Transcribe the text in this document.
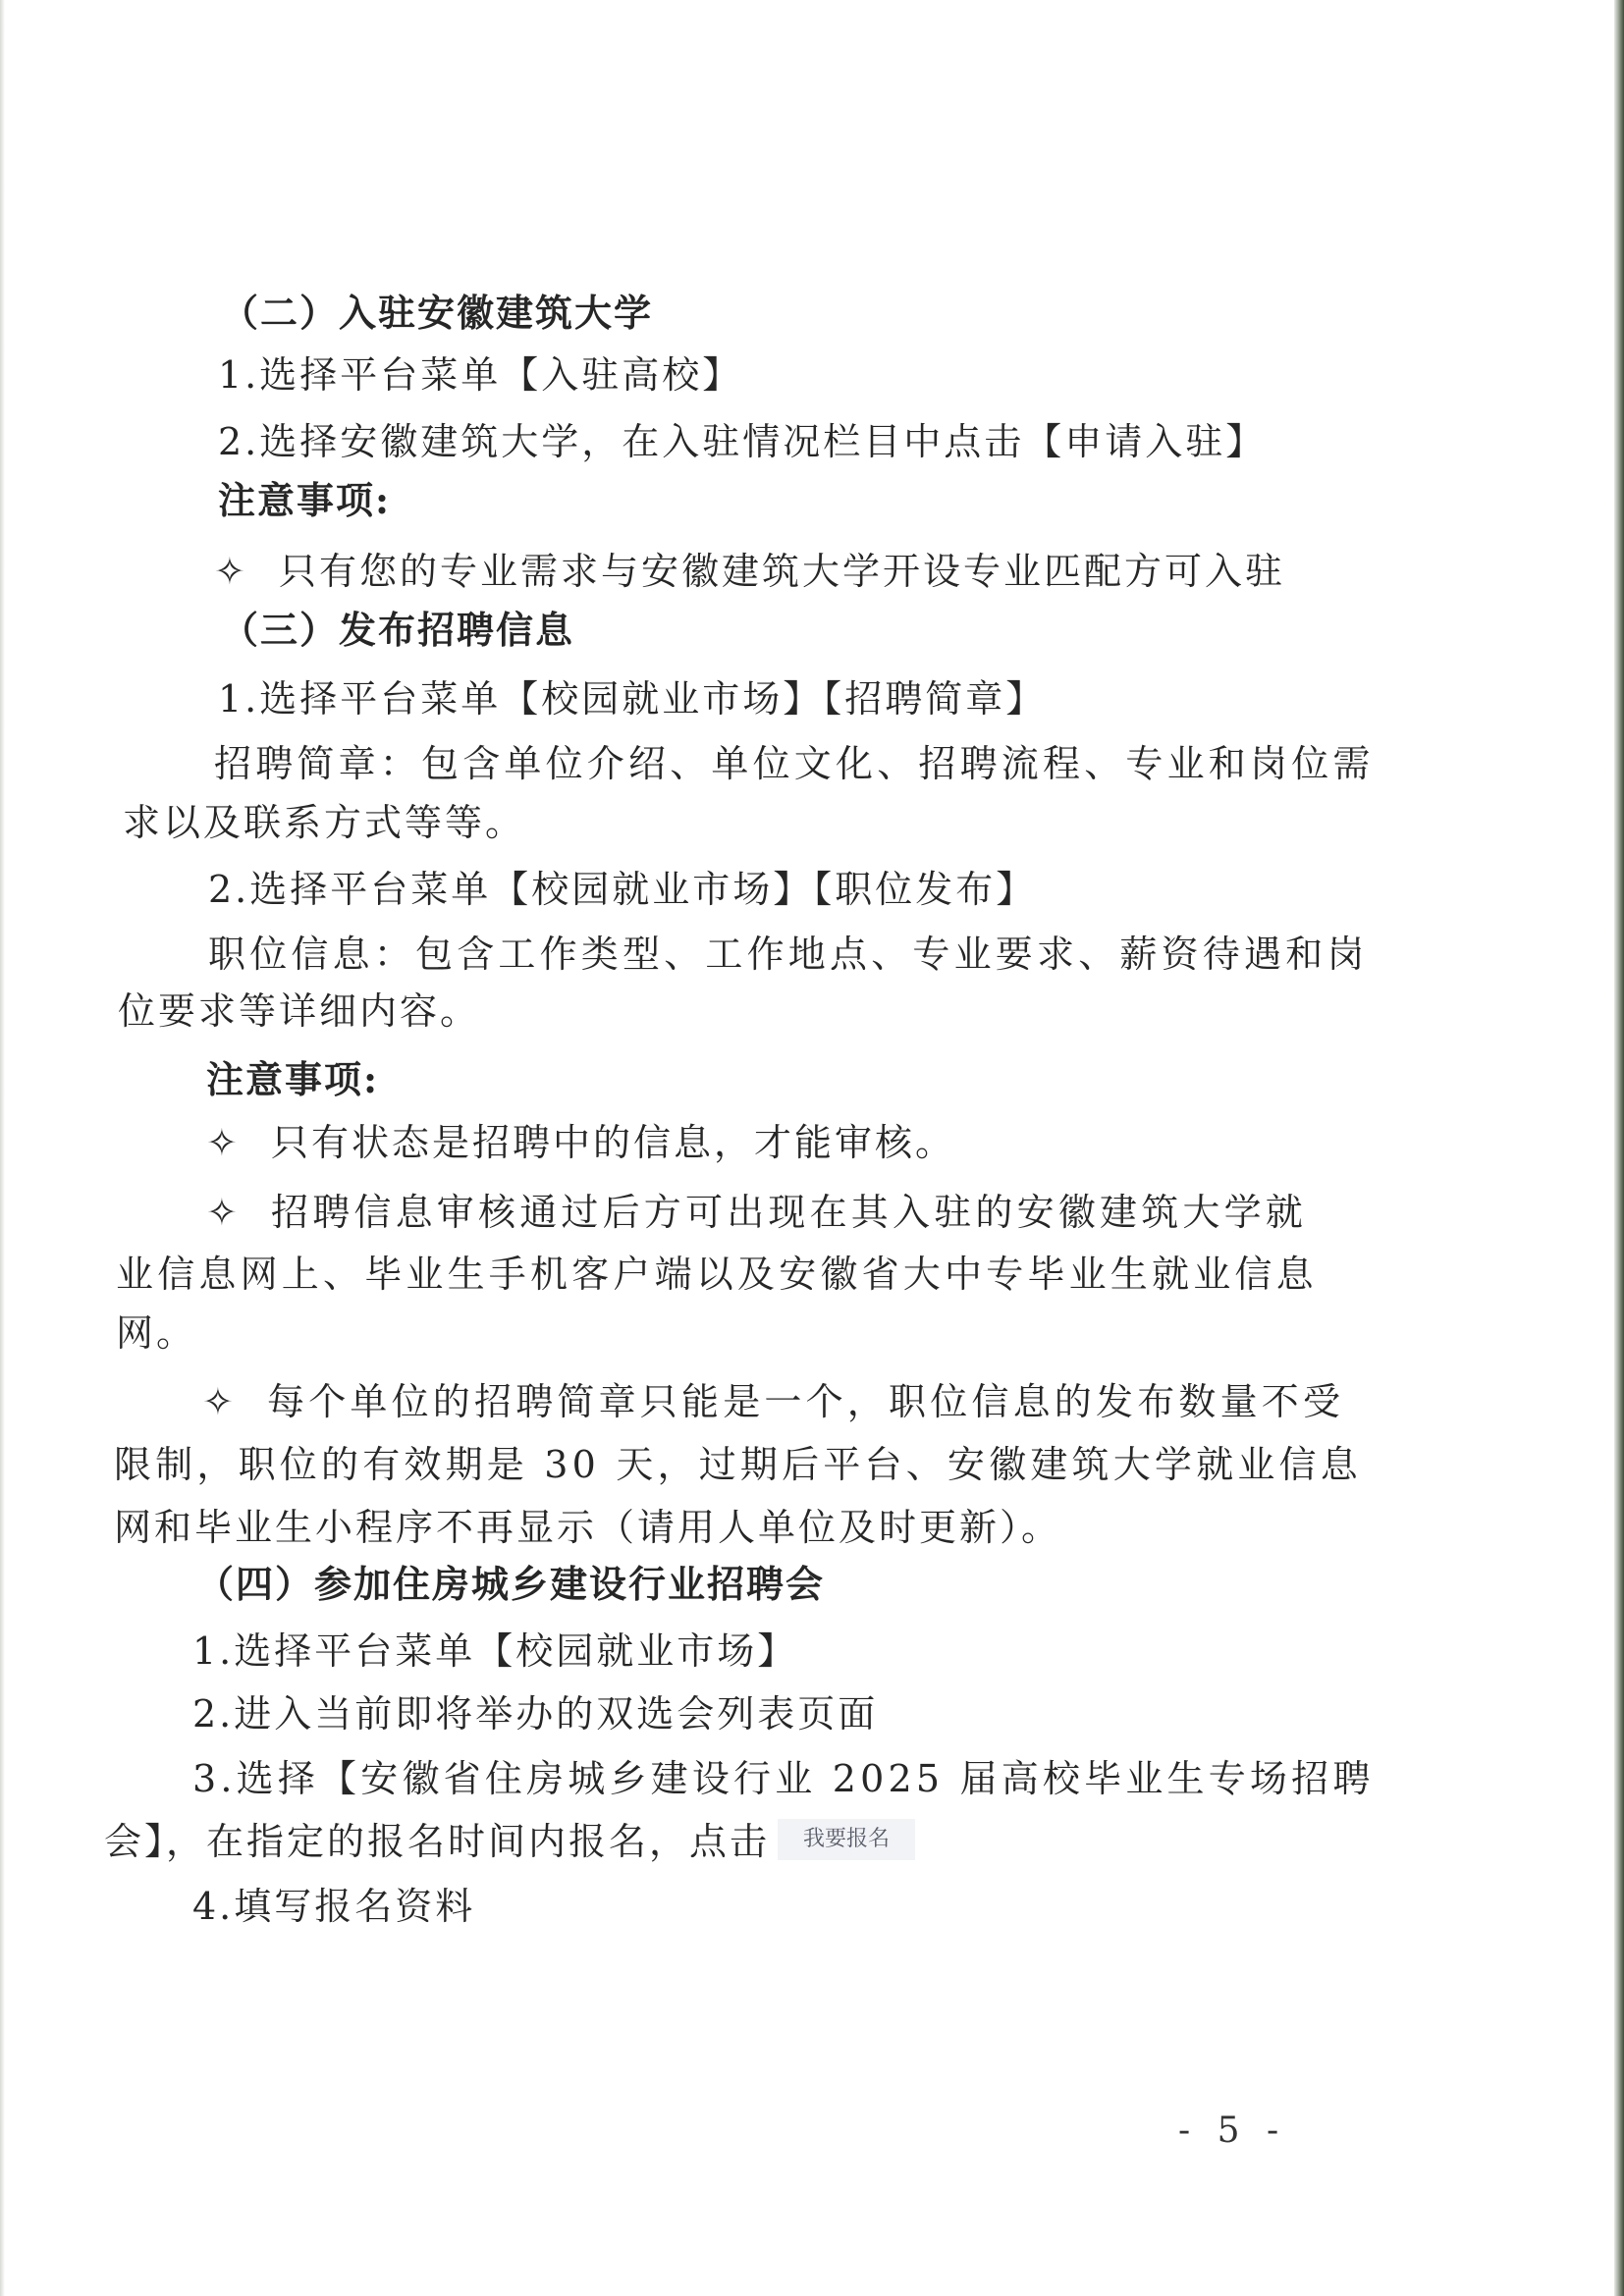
（二）入驻安徽建筑大学
1.选择平台菜单【入驻高校】
2.选择安徽建筑大学，在入驻情况栏目中点击【申请入驻】
注意事项:
✧ 只有您的专业需求与安徽建筑大学开设专业匹配方可入驻
（三）发布招聘信息
1.选择平台菜单【校园就业市场】【招聘简章】
招聘简章：包含单位介绍、单位文化、招聘流程、专业和岗位需
求以及联系方式等等。
2.选择平台菜单【校园就业市场】【职位发布】
职位信息：包含工作类型、工作地点、专业要求、薪资待遇和岗
位要求等详细内容。
注意事项:
✧ 只有状态是招聘中的信息，才能审核。
✧ 招聘信息审核通过后方可出现在其入驻的安徽建筑大学就
业信息网上、毕业生手机客户端以及安徽省大中专毕业生就业信息
网。
✧ 每个单位的招聘简章只能是一个，职位信息的发布数量不受
限制，职位的有效期是 30 天，过期后平台、安徽建筑大学就业信息
网和毕业生小程序不再显示（请用人单位及时更新）。
（四）参加住房城乡建设行业招聘会
1.选择平台菜单【校园就业市场】
2.进入当前即将举办的双选会列表页面
3.选择【安徽省住房城乡建设行业 2025 届高校毕业生专场招聘
会】，在指定的报名时间内报名，点击 我要报名
4.填写报名资料
- 5 -
